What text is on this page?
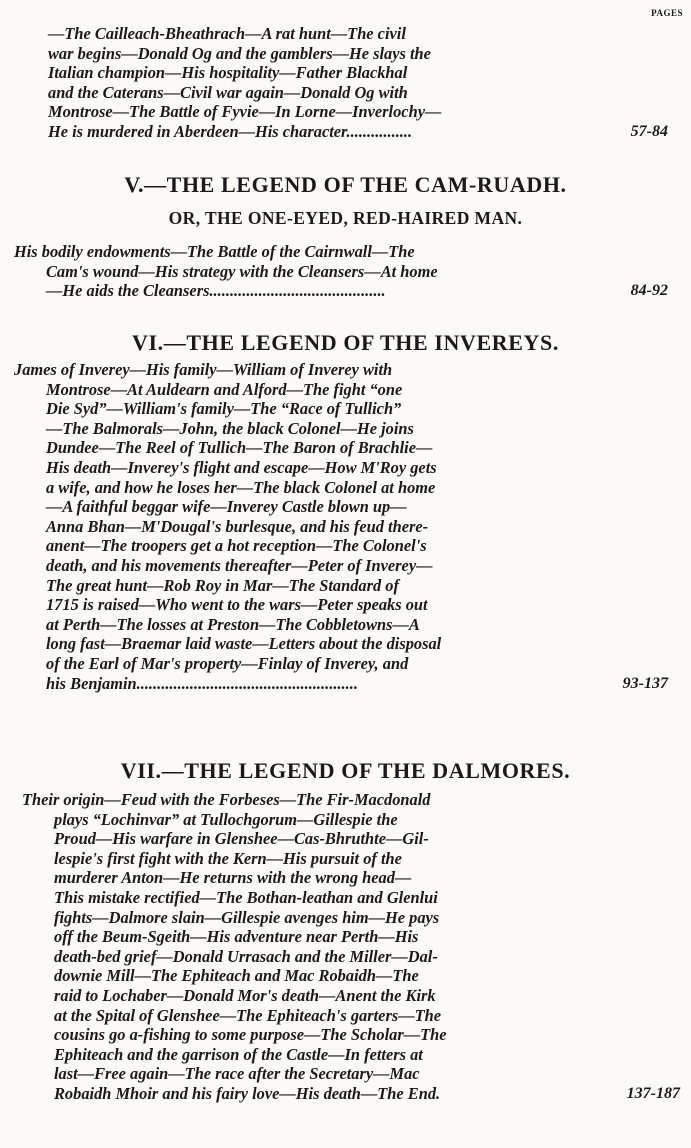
PAGES
—The Cailleach-Bheathrach—A rat hunt—The civil
war begins—Donald Og and the gamblers—He slays the
Italian champion—His hospitality—Father Blackhal
and the Caterans—Civil war again—Donald Og with
Montrose—The Battle of Fyvie—In Lorne—Inverlochy—
He is murdered in Aberdeen—His character................	57-84
V.—THE LEGEND OF THE CAM-RUADH.
OR, THE ONE-EYED, RED-HAIRED MAN.
His bodily endowments—The Battle of the Cairnwall—The
Cam's wound—His strategy with the Cleansers—At home
—He aids the Cleansers...........................................	84-92
VI.—THE LEGEND OF THE INVEREYS.
James of Inverey—His family—William of Inverey with
Montrose—At Auldearn and Alford—The fight “one
Die Syd”—William's family—The “Race of Tullich”
—The Balmorals—John, the black Colonel—He joins
Dundee—The Reel of Tullich—The Baron of Brachlie—
His death—Inverey's flight and escape—How M'Roy gets
a wife, and how he loses her—The black Colonel at home
—A faithful beggar wife—Inverey Castle blown up—
Anna Bhan—M'Dougal's burlesque, and his feud there-
anent—The troopers get a hot reception—The Colonel's
death, and his movements thereafter—Peter of Inverey—
The great hunt—Rob Roy in Mar—The Standard of
1715 is raised—Who went to the wars—Peter speaks out
at Perth—The losses at Preston—The Cobbletowns—A
long fast—Braemar laid waste—Letters about the disposal
of the Earl of Mar's property—Finlay of Inverey, and
his Benjamin......................................................	93-137
VII.—THE LEGEND OF THE DALMORES.
Their origin—Feud with the Forbeses—The Fir-Macdonald
plays “Lochinvar” at Tullochgorum—Gillespie the
Proud—His warfare in Glenshee—Cas-Bhruthte—Gil-
lespie's first fight with the Kern—His pursuit of the
murderer Anton—He returns with the wrong head—
This mistake rectified—The Bothan-leathan and Glenlui
fights—Dalmore slain—Gillespie avenges him—He pays
off the Beum-Sgeith—His adventure near Perth—His
death-bed grief—Donald Urrasach and the Miller—Dal-
downie Mill—The Ephiteach and Mac Robaidh—The
raid to Lochaber—Donald Mor's death—Anent the Kirk
at the Spital of Glenshee—The Ephiteach's garters—The
cousins go a-fishing to some purpose—The Scholar—The
Ephiteach and the garrison of the Castle—In fetters at
last—Free again—The race after the Secretary—Mac
Robaidh Mhoir and his fairy love—His death—The End.	137-187
